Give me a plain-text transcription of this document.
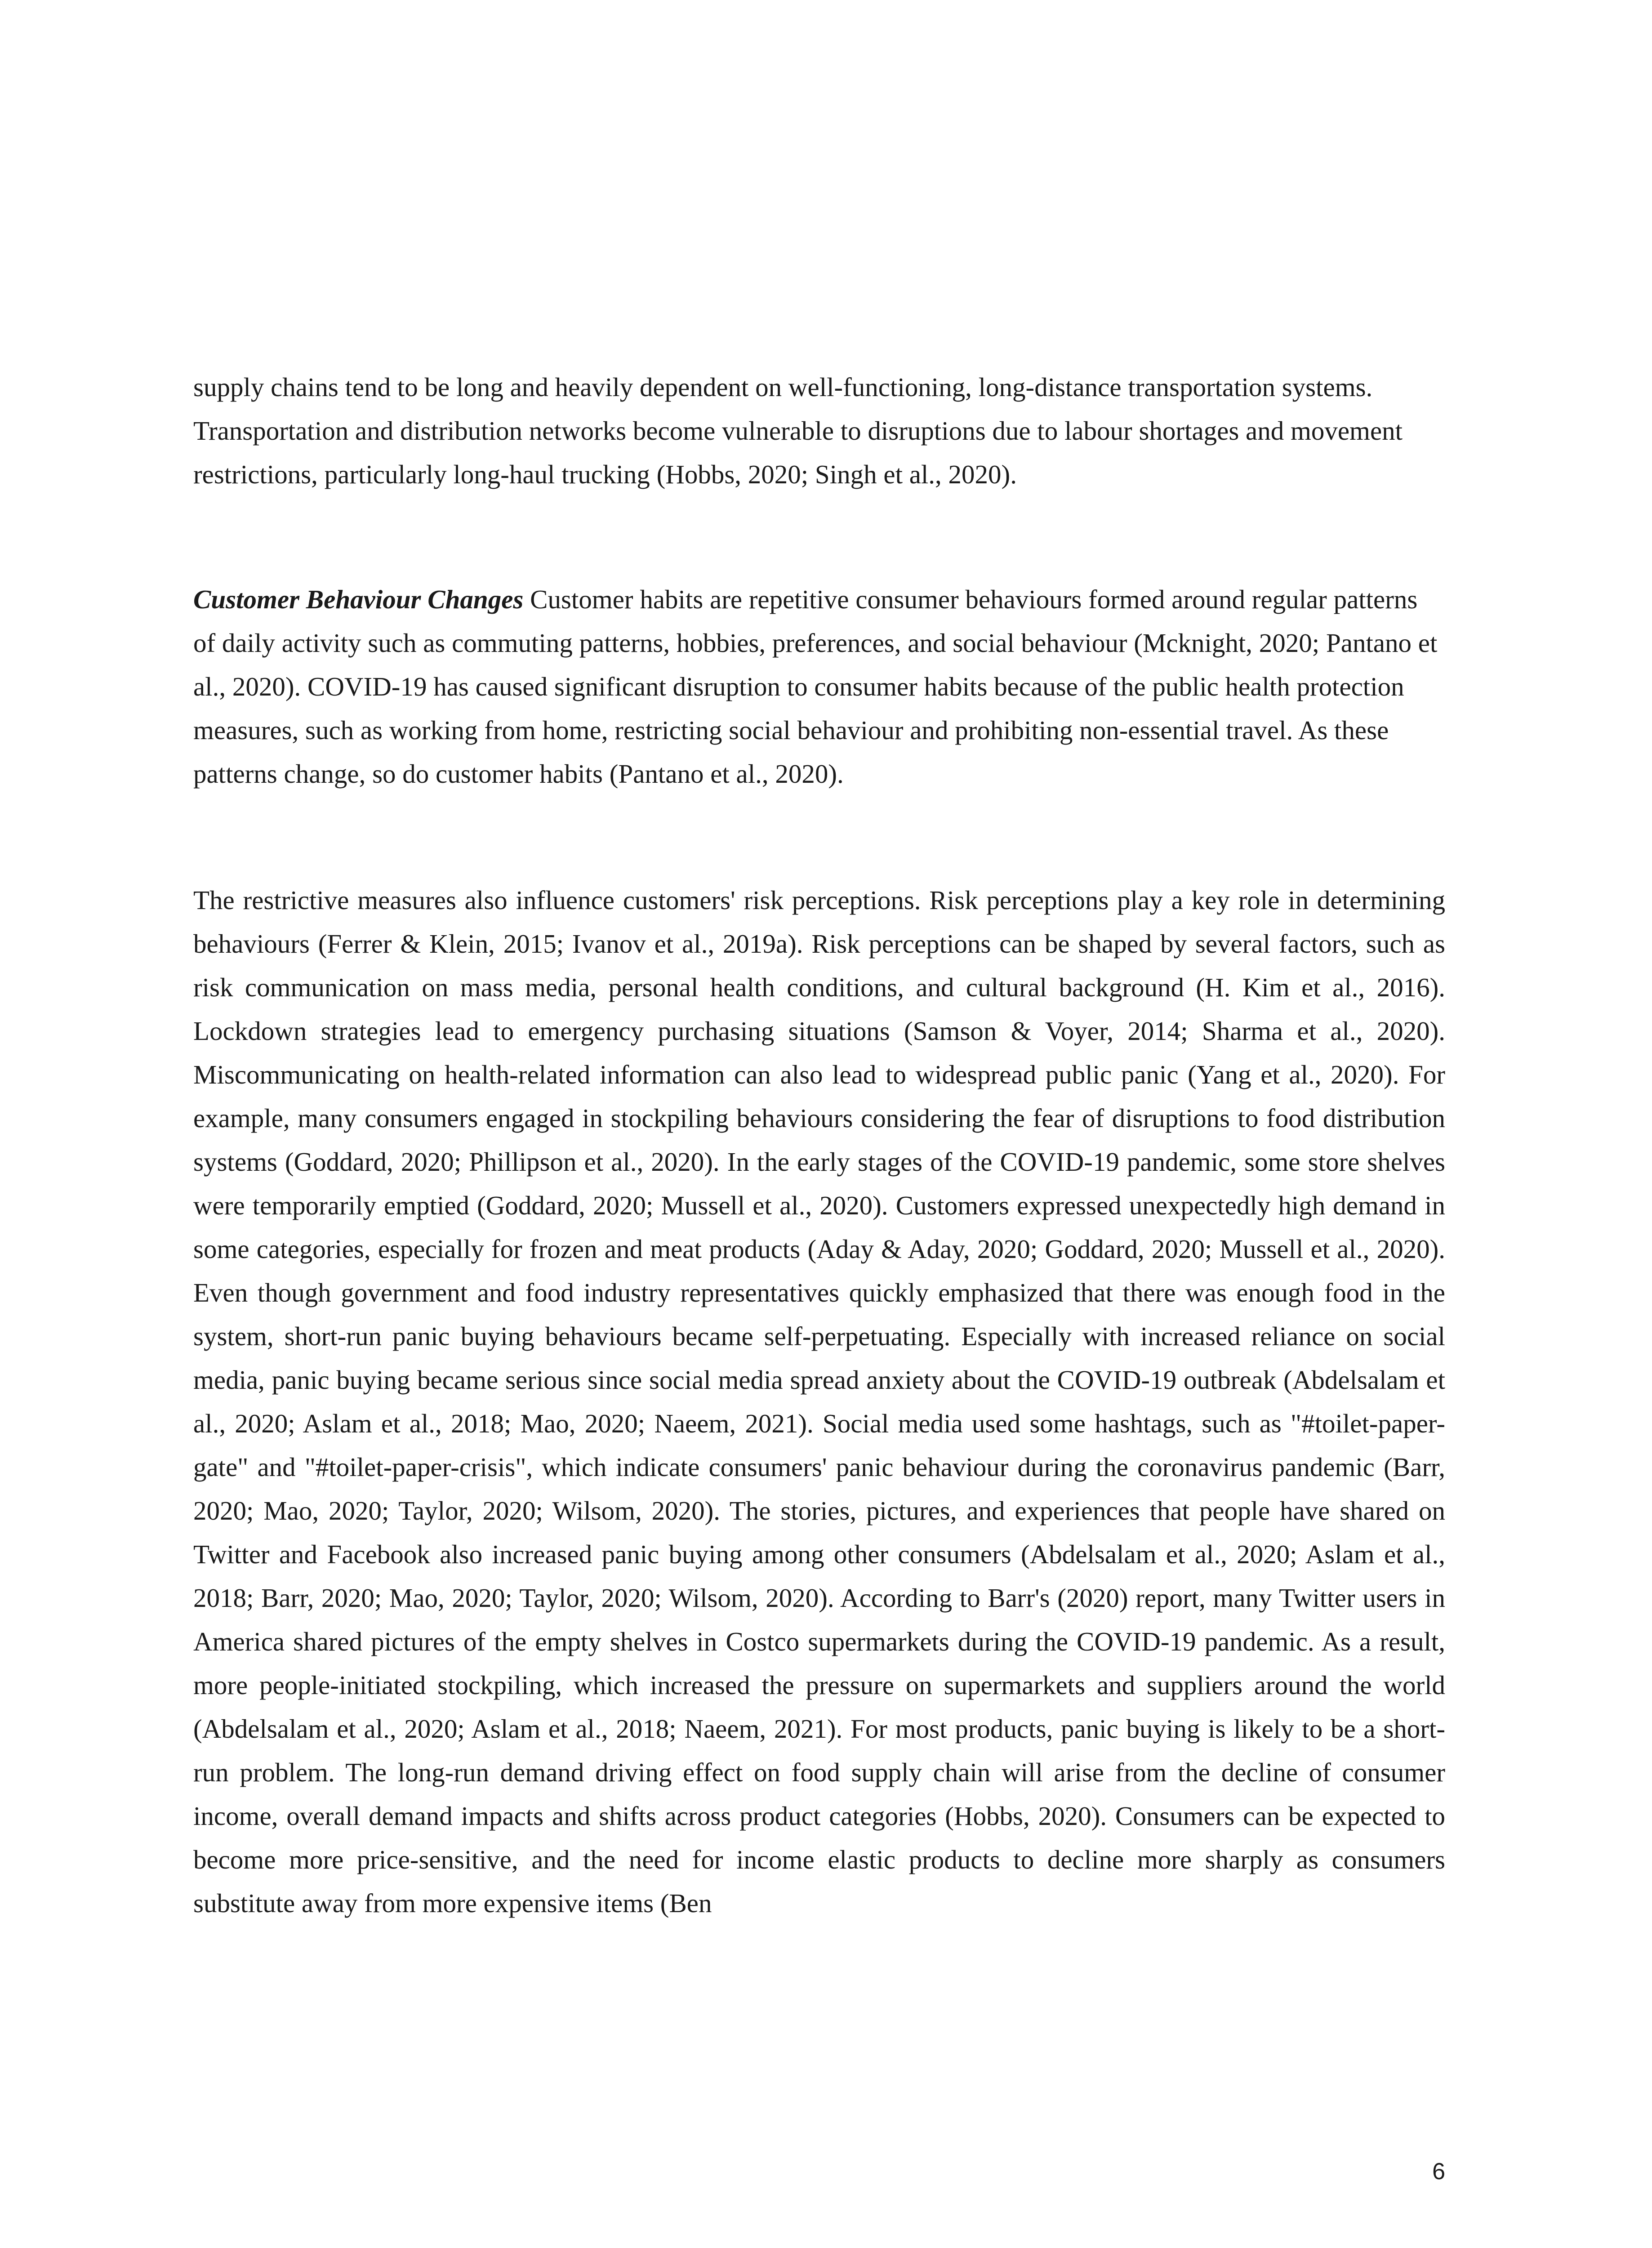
supply chains tend to be long and heavily dependent on well-functioning, long-distance transportation systems. Transportation and distribution networks become vulnerable to disruptions due to labour shortages and movement restrictions, particularly long-haul trucking (Hobbs, 2020; Singh et al., 2020).

Customer Behaviour Changes Customer habits are repetitive consumer behaviours formed around regular patterns of daily activity such as commuting patterns, hobbies, preferences, and social behaviour (Mcknight, 2020; Pantano et al., 2020). COVID-19 has caused significant disruption to consumer habits because of the public health protection measures, such as working from home, restricting social behaviour and prohibiting non-essential travel. As these patterns change, so do customer habits (Pantano et al., 2020).

The restrictive measures also influence customers' risk perceptions. Risk perceptions play a key role in determining behaviours (Ferrer & Klein, 2015; Ivanov et al., 2019a). Risk perceptions can be shaped by several factors, such as risk communication on mass media, personal health conditions, and cultural background (H. Kim et al., 2016). Lockdown strategies lead to emergency purchasing situations (Samson & Voyer, 2014; Sharma et al., 2020). Miscommunicating on health-related information can also lead to widespread public panic (Yang et al., 2020). For example, many consumers engaged in stockpiling behaviours considering the fear of disruptions to food distribution systems (Goddard, 2020; Phillipson et al., 2020). In the early stages of the COVID-19 pandemic, some store shelves were temporarily emptied (Goddard, 2020; Mussell et al., 2020). Customers expressed unexpectedly high demand in some categories, especially for frozen and meat products (Aday & Aday, 2020; Goddard, 2020; Mussell et al., 2020). Even though government and food industry representatives quickly emphasized that there was enough food in the system, short-run panic buying behaviours became self-perpetuating. Especially with increased reliance on social media, panic buying became serious since social media spread anxiety about the COVID-19 outbreak (Abdelsalam et al., 2020; Aslam et al., 2018; Mao, 2020; Naeem, 2021). Social media used some hashtags, such as "#toilet-paper-gate" and "#toilet-paper-crisis", which indicate consumers' panic behaviour during the coronavirus pandemic (Barr, 2020; Mao, 2020; Taylor, 2020; Wilsom, 2020). The stories, pictures, and experiences that people have shared on Twitter and Facebook also increased panic buying among other consumers (Abdelsalam et al., 2020; Aslam et al., 2018; Barr, 2020; Mao, 2020; Taylor, 2020; Wilsom, 2020). According to Barr's (2020) report, many Twitter users in America shared pictures of the empty shelves in Costco supermarkets during the COVID-19 pandemic. As a result, more people-initiated stockpiling, which increased the pressure on supermarkets and suppliers around the world (Abdelsalam et al., 2020; Aslam et al., 2018; Naeem, 2021). For most products, panic buying is likely to be a short-run problem. The long-run demand driving effect on food supply chain will arise from the decline of consumer income, overall demand impacts and shifts across product categories (Hobbs, 2020). Consumers can be expected to become more price-sensitive, and the need for income elastic products to decline more sharply as consumers substitute away from more expensive items (Ben

6
